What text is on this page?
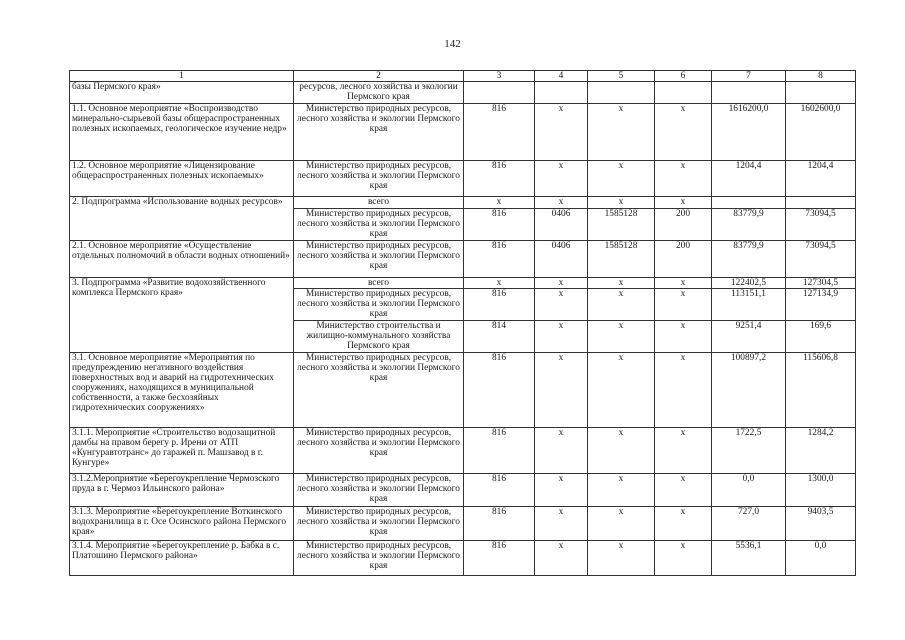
142
1	2	3	4	5	6	7	8
базы Пермского края»	ресурсов, лесного хозяйства и экологии Пермского края						
1.1. Основное мероприятие «Воспроизводство минерально-сырьевой базы общераспространенных полезных ископаемых, геологическое изучение недр»	Министерство природных ресурсов, лесного хозяйства и экологии Пермского края	816	х	х	х	1616200,0	1602600,0
1.2. Основное мероприятие «Лицензирование общераспространенных полезных ископаемых»	Министерство природных ресурсов, лесного хозяйства и экологии Пермского края	816	х	х	х	1204,4	1204,4
2. Подпрограмма «Использование водных ресурсов»	всего	х	х	х	х		
	Министерство природных ресурсов, лесного хозяйства и экологии Пермского края	816	0406	1585128	200	83779,9	73094,5
2.1. Основное мероприятие «Осуществление отдельных полномочий в области водных отношений»	Министерство природных ресурсов, лесного хозяйства и экологии Пермского края	816	0406	1585128	200	83779,9	73094,5
3. Подпрограмма «Развитие водохозяйственного комплекса Пермского края»	всего	х	х	х	х	122402,5	127304,5
	Министерство природных ресурсов, лесного хозяйства и экологии Пермского края	816	х	х	х	113151,1	127134,9
	Министерство строительства и жилищно-коммунального хозяйства Пермского края	814	х	х	х	9251,4	169,6
3.1. Основное мероприятие «Мероприятия по предупреждению негативного воздействия поверхностных вод и аварий на гидротехнических сооружениях, находящихся в муниципальной собственности, а также бесхозяйных гидротехнических сооружениях»	Министерство природных ресурсов, лесного хозяйства и экологии Пермского края	816	х	х	х	100897,2	115606,8
3.1.1. Мероприятие «Строительство водозащитной дамбы на правом берегу р. Ирени от АТП «Кунгуравтотранс» до гаражей п. Машзавод в г. Кунгуре»	Министерство природных ресурсов, лесного хозяйства и экологии Пермского края	816	х	х	х	1722,5	1284,2
3.1.2.Мероприятие «Берегоукрепление Чермозского пруда в г. Чермоз Ильинского района»	Министерство природных ресурсов, лесного хозяйства и экологии Пермского края	816	х	х	х	0,0	1300,0
3.1.3. Мероприятие «Берегоукрепление Воткинского водохранилища в г. Осе Осинского района Пермского края»	Министерство природных ресурсов, лесного хозяйства и экологии Пермского края	816	х	х	х	727,0	9403,5
3.1.4. Мероприятие «Берегоукрепление р. Бабка в с. Платошино Пермского района»	Министерство природных ресурсов, лесного хозяйства и экологии Пермского края	816	х	х	х	5536,1	0,0
